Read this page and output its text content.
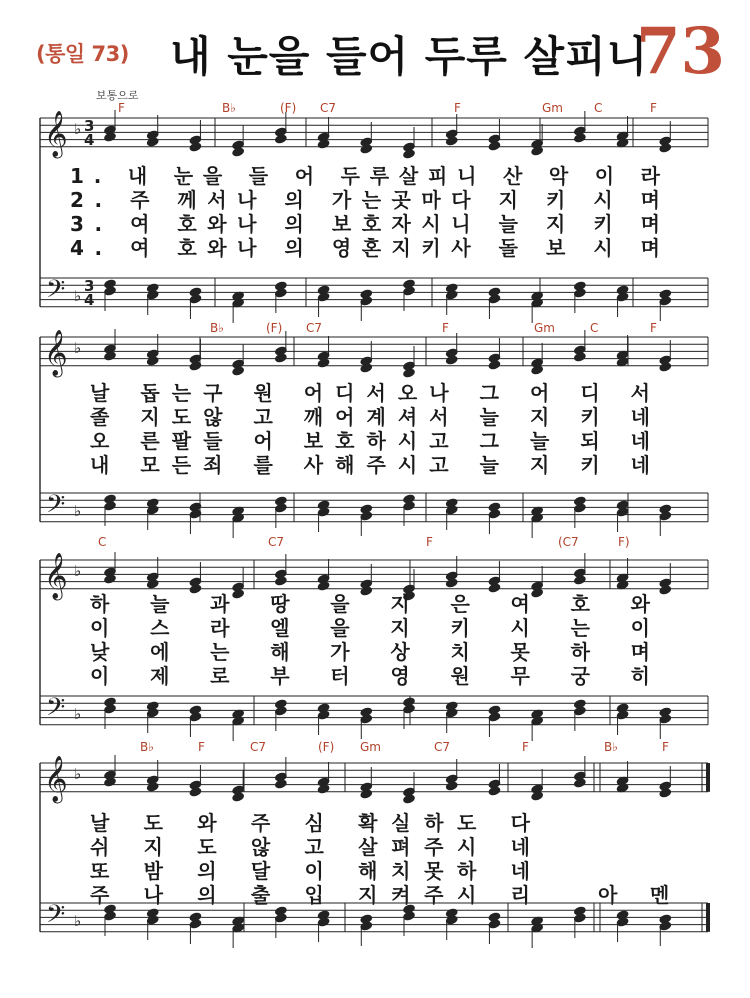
(통일 73) 내 눈을 들어 두루 살피니
73
보통으로
𝄞
𝄢
♭
♭
3
3
4
4
F	B♭	(F) C7	F	Gm	C	F
1. 내 눈을 들 어 두루살피니 산 악 이 라
2. 주 께서나 의 가는곳마다 지 키 시 며
3. 여 호와나 의 보호자시니 늘 지 키 며
4. 여 호와나 의 영혼지키사 돌 보 시 며
𝄞
𝄢
♭
♭
B♭	(F) C7	F	Gm	C	F
날 돕는구 원 어디서오나 그 어 디 서
졸 지도않 고 깨어계셔서 늘 지 키 네
오 른팔들 어 보호하시고 그 늘 되 네
내 모든죄 를 사해주시고 늘 지 키 네
𝄞
𝄢
♭
♭
C	C7	F	(C7	F)
하 늘 과 땅 을 지 은 여 호 와
이 스 라 엘 을 지 키 시 는 이
낮 에 는 해 가 상 치 못 하 며
이 제 로 부 터 영 원 무 궁 히
𝄞
𝄢
♭
♭
B♭	F	C7	(F) Gm	C7	F	B♭	F
날 도 와 주 심 확실하도 다
쉬 지 도 않 고 살펴주시 네
또 밤 의 달 이 해치못하 네
주 나 의 출 입 지켜주시 리	아 멘
